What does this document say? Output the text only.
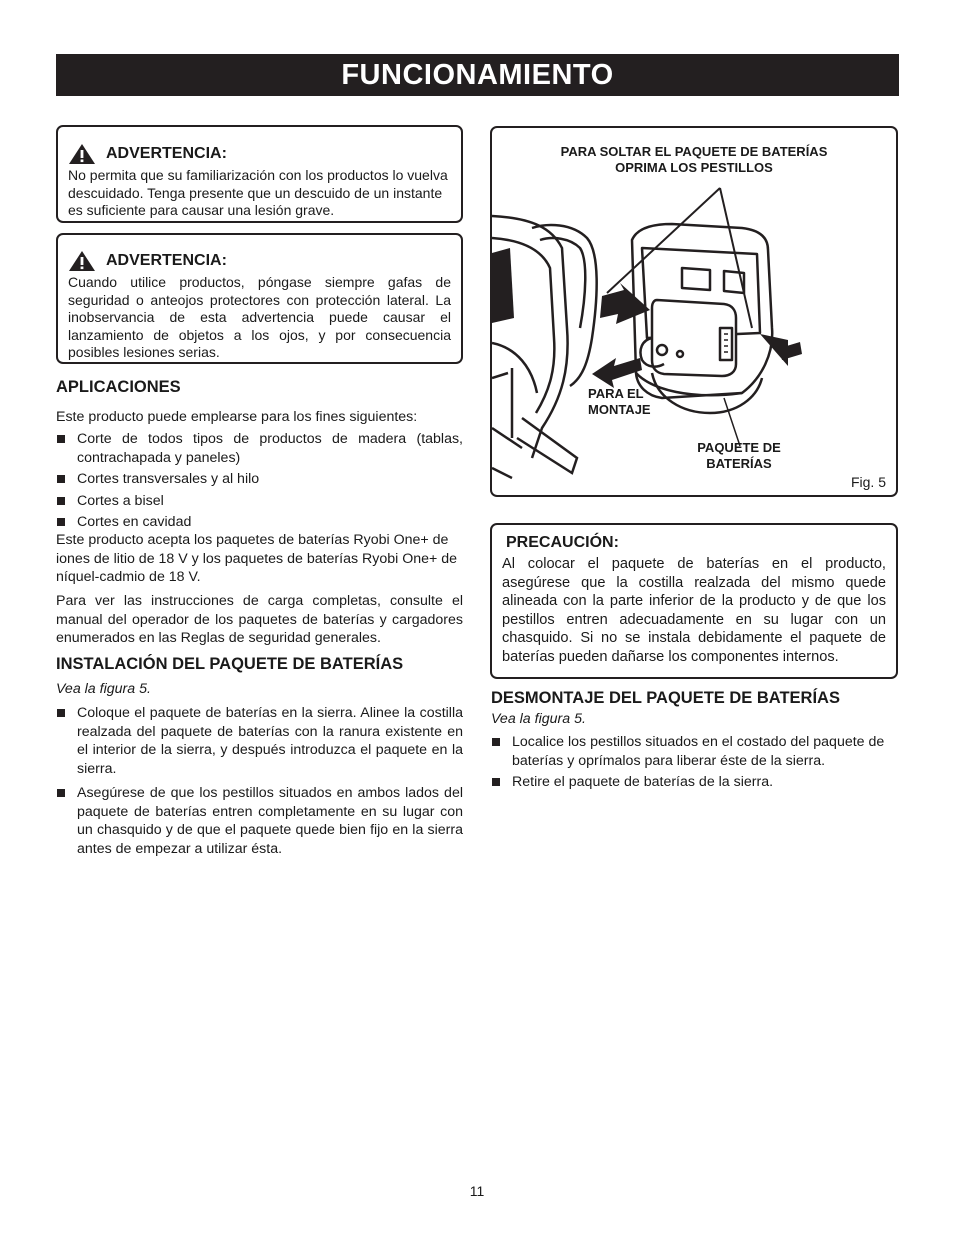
FUNCIONAMIENTO
ADVERTENCIA:

No permita que su familiarización con los productos lo vuelva descuidado. Tenga presente que un descuido de un instante es suficiente para causar una lesión grave.

ADVERTENCIA:

Cuando utilice productos, póngase siempre gafas de seguridad o anteojos protectores con protección lateral. La inobservancia de esta advertencia puede causar el lanzamiento de objetos a los ojos, y por consecuencia posibles lesiones serias.

APLICACIONES

Este producto puede emplearse para los fines siguientes:

Corte de todos tipos de productos de madera (tablas, contrachapada y paneles)
Cortes transversales y al hilo
Cortes a bisel
Cortes en cavidad

Este producto acepta los paquetes de baterías Ryobi One+ de iones de litio de 18 V y los paquetes de baterías Ryobi One+ de níquel-cadmio de 18 V.

Para ver las instrucciones de carga completas, consulte el manual del operador de los paquetes de baterías y cargadores enumerados en las Reglas de seguridad generales.

INSTALACIÓN DEL PAQUETE DE BATERÍAS

Vea la figura 5.

Coloque el paquete de baterías en la sierra. Alinee la costilla realzada del paquete de baterías con la ranura existente en el interior de la sierra, y después introduzca el paquete en la sierra.
Asegúrese de que los pestillos situados en ambos lados del paquete de baterías entren completamente en su lugar con un chasquido y de que el paquete quede bien fijo en la sierra antes de empezar a utilizar ésta.
PARA SOLTAR EL PAQUETE DE BATERÍAS
OPRIMA LOS PESTILLOS
PARA EL
MONTAJE
PAQUETE DE
BATERÍAS
Fig. 5
PRECAUCIÓN:

Al colocar el paquete de baterías en el producto, asegúrese que la costilla realzada del mismo quede alineada con la parte inferior de la producto y de que los pestillos entren adecuadamente en su lugar con un chasquido. Si no se instala debidamente el paquete de baterías pueden dañarse los componentes internos.

DESMONTAJE DEL PAQUETE DE BATERÍAS

Vea la figura 5.

Localice los pestillos situados en el costado del paquete de baterías y oprímalos para liberar éste de la sierra.
Retire el paquete de baterías de la sierra.
11
